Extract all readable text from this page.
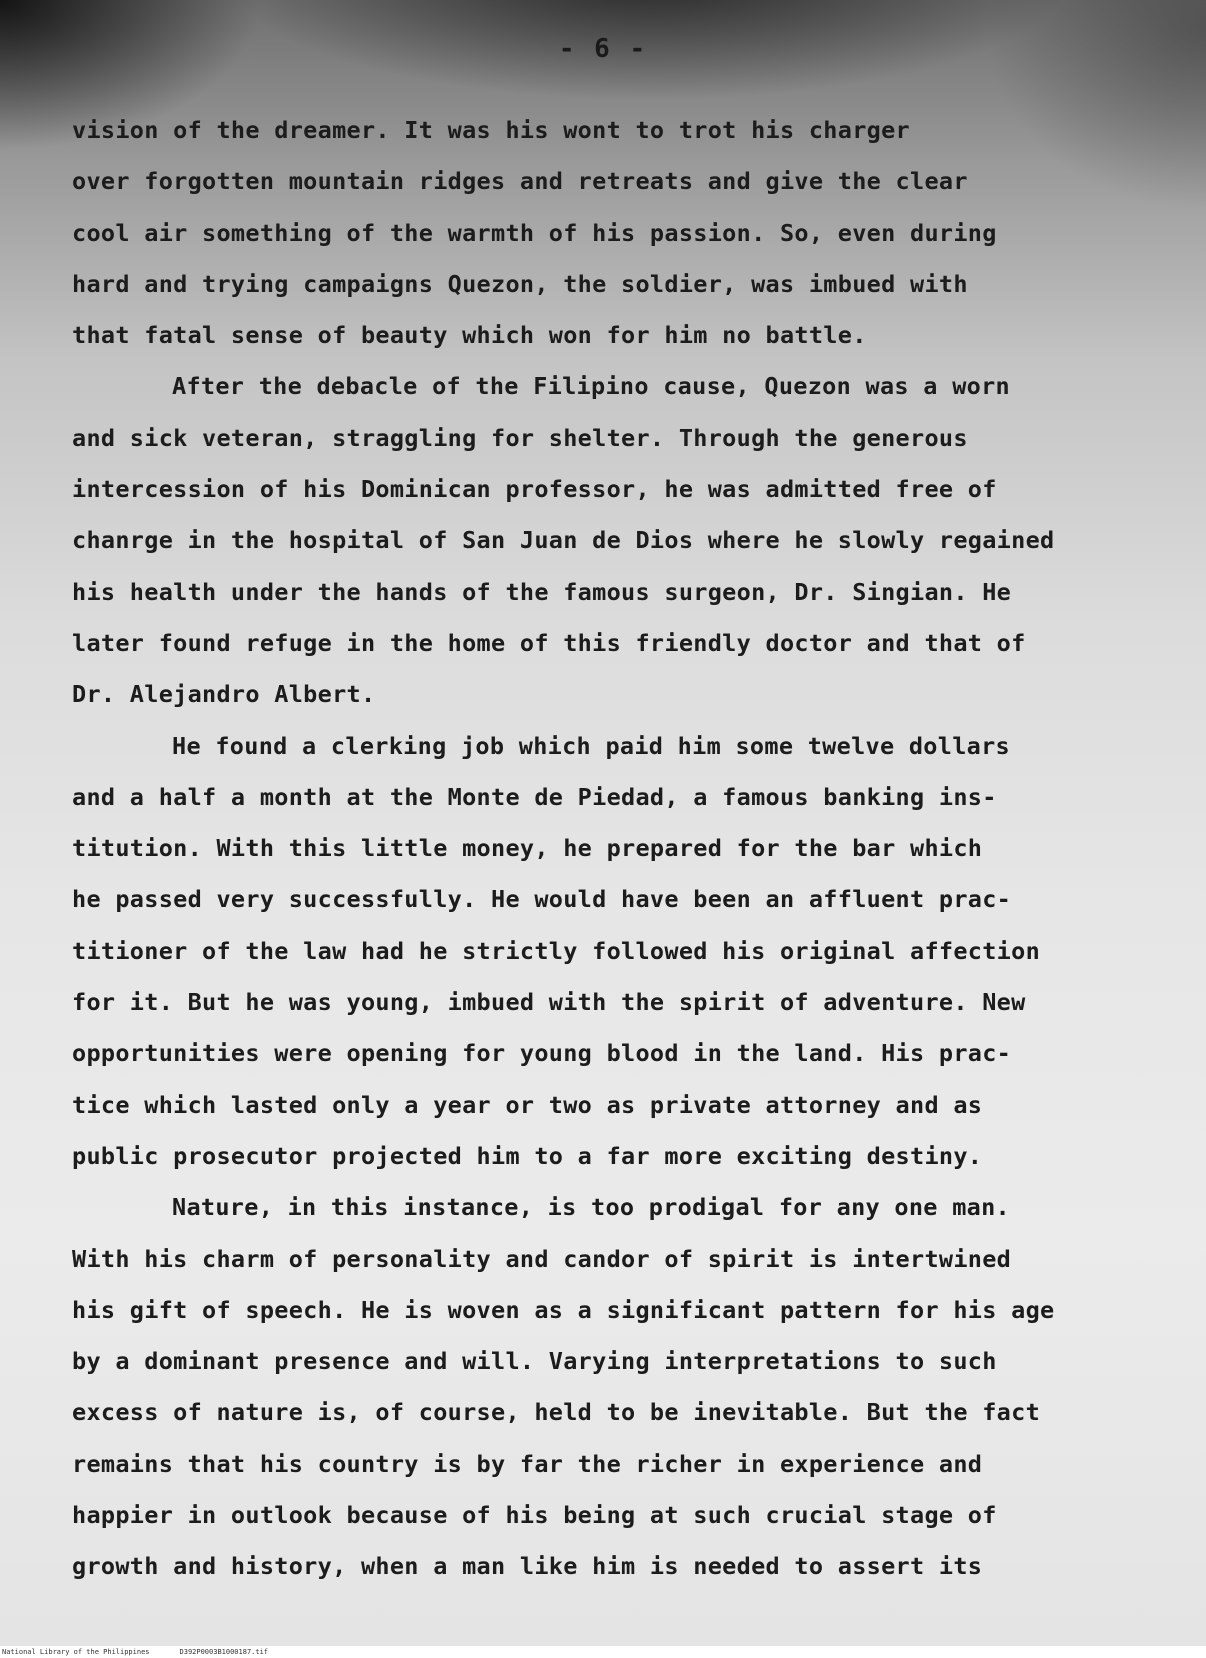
- 6 -
vision of the dreamer. It was his wont to trot his charger
over forgotten mountain ridges and retreats and give the clear
cool air something of the warmth of his passion. So, even during
hard and trying campaigns Quezon, the soldier, was imbued with
that fatal sense of beauty which won for him no battle.
After the debacle of the Filipino cause, Quezon was a worn
and sick veteran, straggling for shelter. Through the generous
intercession of his Dominican professor, he was admitted free of
chanrge in the hospital of San Juan de Dios where he slowly regained
his health under the hands of the famous surgeon, Dr. Singian. He
later found refuge in the home of this friendly doctor and that of
Dr. Alejandro Albert.
He found a clerking job which paid him some twelve dollars
and a half a month at the Monte de Piedad, a famous banking ins-
titution. With this little money, he prepared for the bar which
he passed very successfully. He would have been an affluent prac-
titioner of the law had he strictly followed his original affection
for it. But he was young, imbued with the spirit of adventure. New
opportunities were opening for young blood in the land. His prac-
tice which lasted only a year or two as private attorney and as
public prosecutor projected him to a far more exciting destiny.
Nature, in this instance, is too prodigal for any one man.
With his charm of personality and candor of spirit is intertwined
his gift of speech. He is woven as a significant pattern for his age
by a dominant presence and will. Varying interpretations to such
excess of nature is, of course, held to be inevitable. But the fact
remains that his country is by far the richer in experience and
happier in outlook because of his being at such crucial stage of
growth and history, when a man like him is needed to assert its
National Library of the Philippines	D392P0003B1000187.tif
